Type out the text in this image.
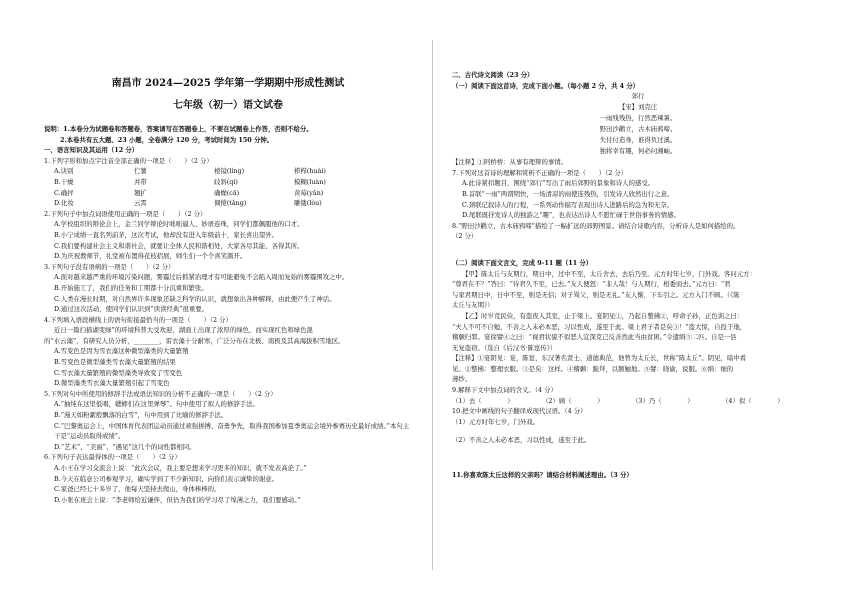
南昌市 2024—2025 学年第一学期期中形成性测试
七年级（初一）语文试卷
说明：1.本卷分为试题卷和答题卷，答案请写在答题卷上，不要在试题卷上作答，否则不给分。
2.本卷共有五大题、23 小题，全卷满分 120 分，考试时间为 150 分钟。
一、语言知识及其运用（12 分）
1.下列字形和加点字注音全部正确的一项是（　　）（2 分）
A.诀别	伫薯	棱镜(líng)	栉栉(huài)
B.干燥	并带	歧斜(qí)	模糊(luàn)
C.确抨	翘扩	确燥(cā)	黄莓(yān)
D.化妆	云霄	倜傥(tǎng)	雕镂(lòu)
2.下列句子中加点词语使用正确的一项是（　　）（2 分）
A.学校组织的辩论会上，金兰同学辩论时咄咄逼人、妙语连珠，同学们都佩服他的口才。
B.小宁成绩一直名列前茅，这次考试，他却没有进入年级前十，家长喜出望外。
C.我们要构建社会主义和谐社会，就要让全体人民和谐相处，大家各尽其能、各得其所。
D.为庆祝教师节，礼堂被布置得花枝招展，师生们一个个喜笑颜开。
3.下列句子没有语病的一项是（　　）（2 分）
A.面对越来越严重的环境污染问题，雾霾过后抓紧治理才有可能避免不会陷入周而复始的雾霾围攻之中。
B.开始施工了，我们的任务和工期都十分沉重和繁张。
C.人类在漫长时期，对自然界许多现象还缺乏科学的认识，就想象出各种解释，由此便产生了神话。
D.通过这次活动，使同学们认识到“读读经典”很重要。
4.下列填入语段横线上的语句衔接最恰当的一项是（　　）（2 分）
近日一篇扫描湖变绿”的环境科普大受欢迎，湖面上出现了浓厚的绿色，而实现红色和绿色混
的“水云藻”，有研究人员分析，________，雷衣藻十分耐寒，广泛分布在北极、南极及其高海拔积雪地区。
A.雪变色是因为雪衣藻这种微型藻类的大量繁殖
B.雪变色是微型藻类雪衣藻大量繁殖的结果
C.雪衣藻大量繁殖的微型藻类导致变了雪变色
D.微型藻类雪衣藻大量繁殖引起了雪变色
5.下列对句中所使用的修辞手法或语法知识的分析不正确的一项是（　　）（2 分）
A.“抽纯在这里低唱，蟋蟀们在这里弹琴”。句中使用了拟人的修辞手法。
B.“漫天如粉絮般飘落的白雪”，句中用到了比喻的修辞手法。
C.“巴黎奥运会上，中国体育代表团运动员通过顽强拼搏、奋勇争先，取得我国参加夏季奥运会境外参赛历史最好成绩。”本句主干是“运动员取得成绩”。
D.“艺术”、“美丽”、“遇见”这几个的词性都相同。
6.下列句子表达最得体的一项是（　　）（2 分）
A.小王在学习交流会上说：“此次会议，我主要是想来学习更多的知识，就不发表高论了。”
B.今天在临意公司参观学习，确实学到了不少新知识，向你们表示诚挚的谢意。
C.家爸已经七十多岁了，他每天坚持去爬山，身体棒棒的。
D.小张在班会上说：“李老师给近谦伴，但仍为我们的学习尽了绵薄之力，我们要感动。”
二、古代诗文阅读（23 分）
（一）阅读下面这首诗，完成下面小题。（每小题 2 分，共 4 分）
郊行
【宋】刘克庄
一雨残残热，行然恶辣暑。
野田沙鹳立，古木庙鸦啼。
失付付造身，谁得负过溪。
独将幸有趣，何必问湘岫。
【注释】①阿桥桥：从事有理辩的事情。
7.下列对这首诗的理解和赏析不正确的一项是（　　）（2 分）
A.此诗紧扣题目，围绕“郊行”写出了雨后郊野的景象和诗人的感受。
B.首联“一雨”两谓明快，一场清凉的雨使连残热，引发诗人欣然出行之意。
C.颈联记叙诗人的行程，一系列动作描写表现出诗人进路后的急为和无奈。
D.尾联既抒发诗人的独游之“趣”，也表达出诗人不愿忙碌于世俗事务的情感。
8.“野田沙鹳立，古木庙鸦啼”描绘了一幅扩远的郊野图景。请结合诗歌内容，分析诗人是如何描绘的。
（2 分）
（二）阅读下面文言文，完成 9-11 题（11 分）
【甲】陈太丘与友期行，期日中，过中不至，太丘舍去，去后乃至。元方时年七岁，门外戏。客问元方：
“尊君在不？”答曰：“待君久不至，已去。”友人便怒：“非人哉！与人期行，相委而去。”元方曰：“君
与家君期日中，日中不至，则是无信；对子骂父，则是无礼。”友人惭，下车引之。元方入门不顾。（《陈
太丘与友期》）
【乙】时岁荒民俭，有盗夜入其室，止于梁上。宴阴见①，乃起自整拂②，呼命子孙，正色训之曰：
“夫人不可不自勉，不善之人未必本恶，习以性成，遂至于此。梁上君子者是矣③！”盗大惊，自投于地，
稽颡归罪。宴徐譬④之曰：“视君状貌不似恶人宜深克己反善然此当由贫困。”令遗绢⑤二匹。自是一县
无复盗窃。（选自《后汉书·陈寔传》）
【注释】①宴阴见：宴，陈寔，东汉著名贤士、道德典范，他曾为太丘长，世称“陈太丘”。阴见，暗中看
见。②整拂：整理衣服。③是矣：这样。④稽颡：跪拜，以额触地。⑤譬：晓谕，说服。⑥绢：细的
薄纱。
9.解释下文中加点词的含义。（4 分）
（1）去（　　　　）	（2）顾（　　　　）	（3）乃（　　　　）	（4）似（　　　　）
10.把文中画线的句子翻译成现代汉语。（4 分）
（1）元方时年七岁，门外戏。
（2）不善之人未必本恶，习以性成，遂至于此。
11.你喜欢陈太丘这样的父亲吗？请结合材料阐述理由。（3 分）
